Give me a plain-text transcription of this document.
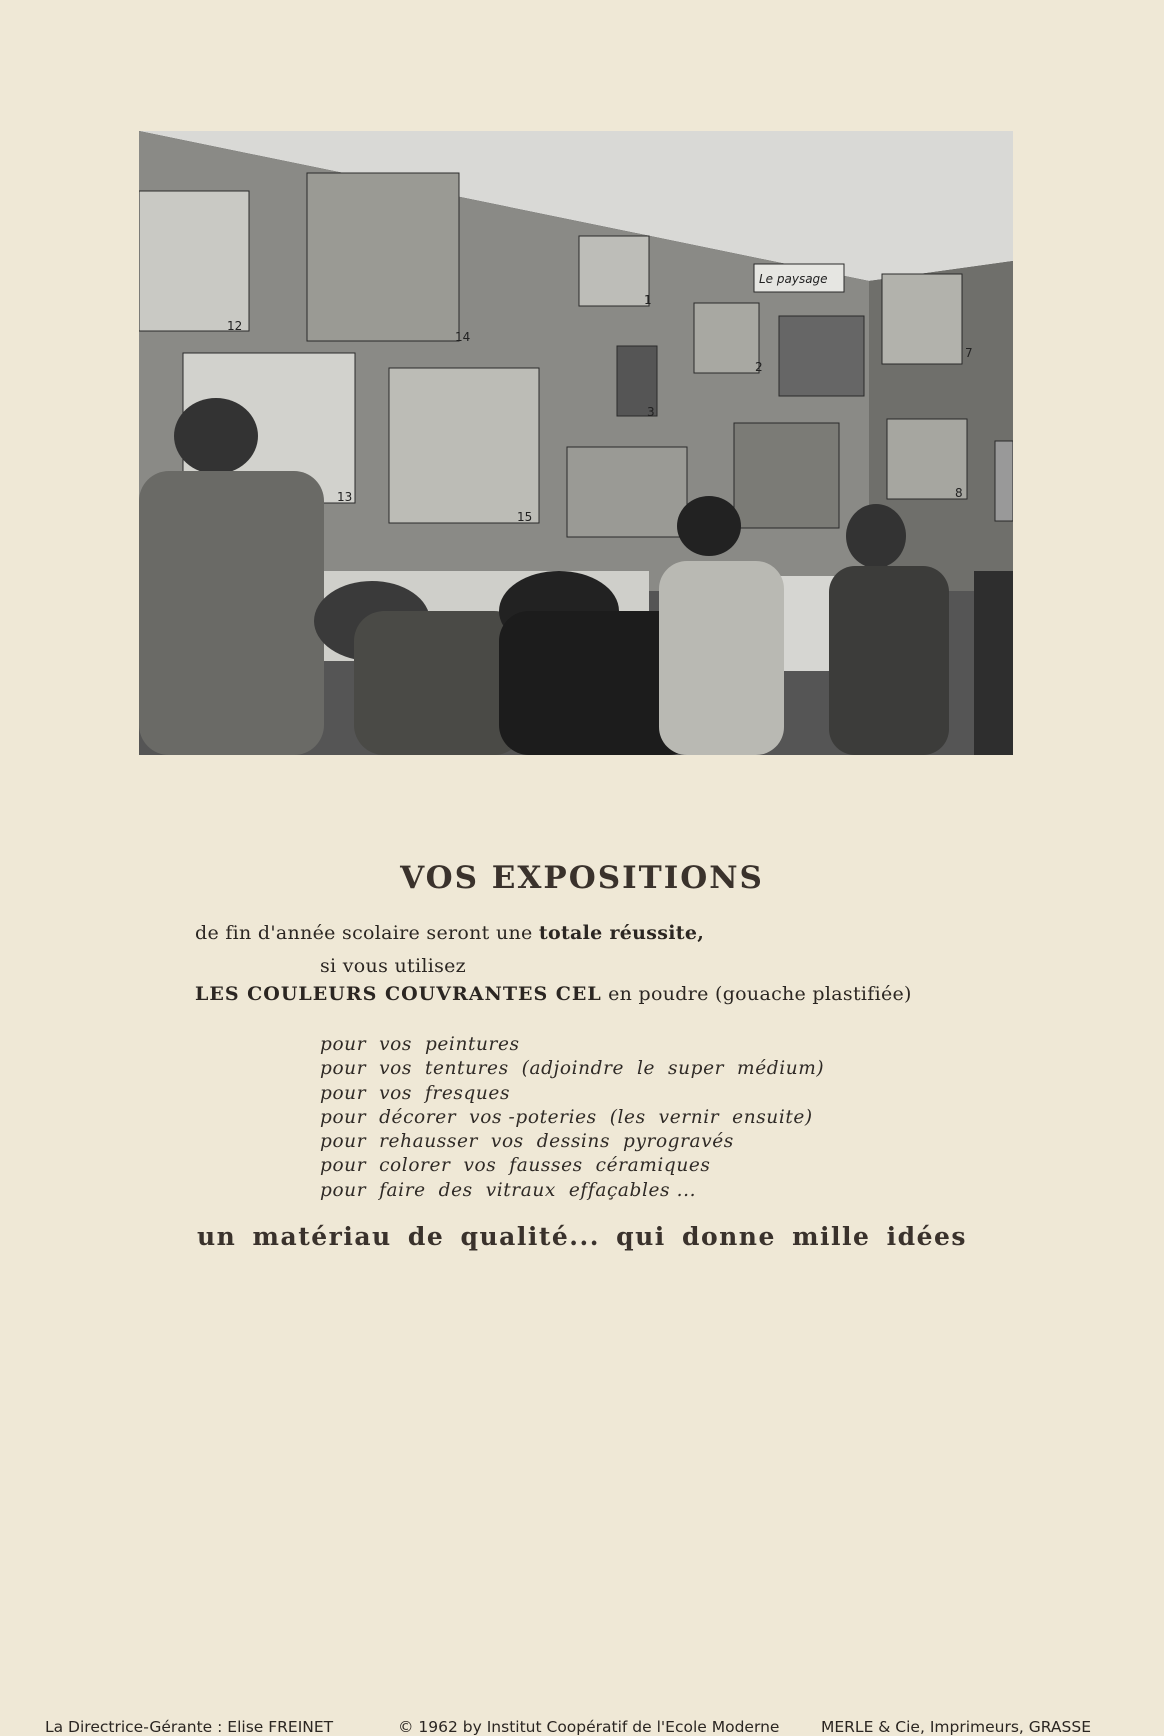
12
14
1
Le paysage
7
2
3
13
15
8
VOS EXPOSITIONS
de fin d'année scolaire seront une totale réussite,
si vous utilisez
LES COULEURS COUVRANTES CEL en poudre (gouache plastifiée)
pour  vos  peintures
pour  vos  tentures  (adjoindre  le  super  médium)
pour  vos  fresques
pour  décorer  vos -poteries  (les  vernir  ensuite)
pour  rehausser  vos  dessins  pyrogravés
pour  colorer  vos  fausses  céramiques
pour  faire  des  vitraux  effaçables ...
un matériau de qualité... qui donne mille idées
La Directrice-Gérante : Elise FREINET	© 1962 by Institut Coopératif de l'Ecole Moderne	MERLE & Cie, Imprimeurs, GRASSE
